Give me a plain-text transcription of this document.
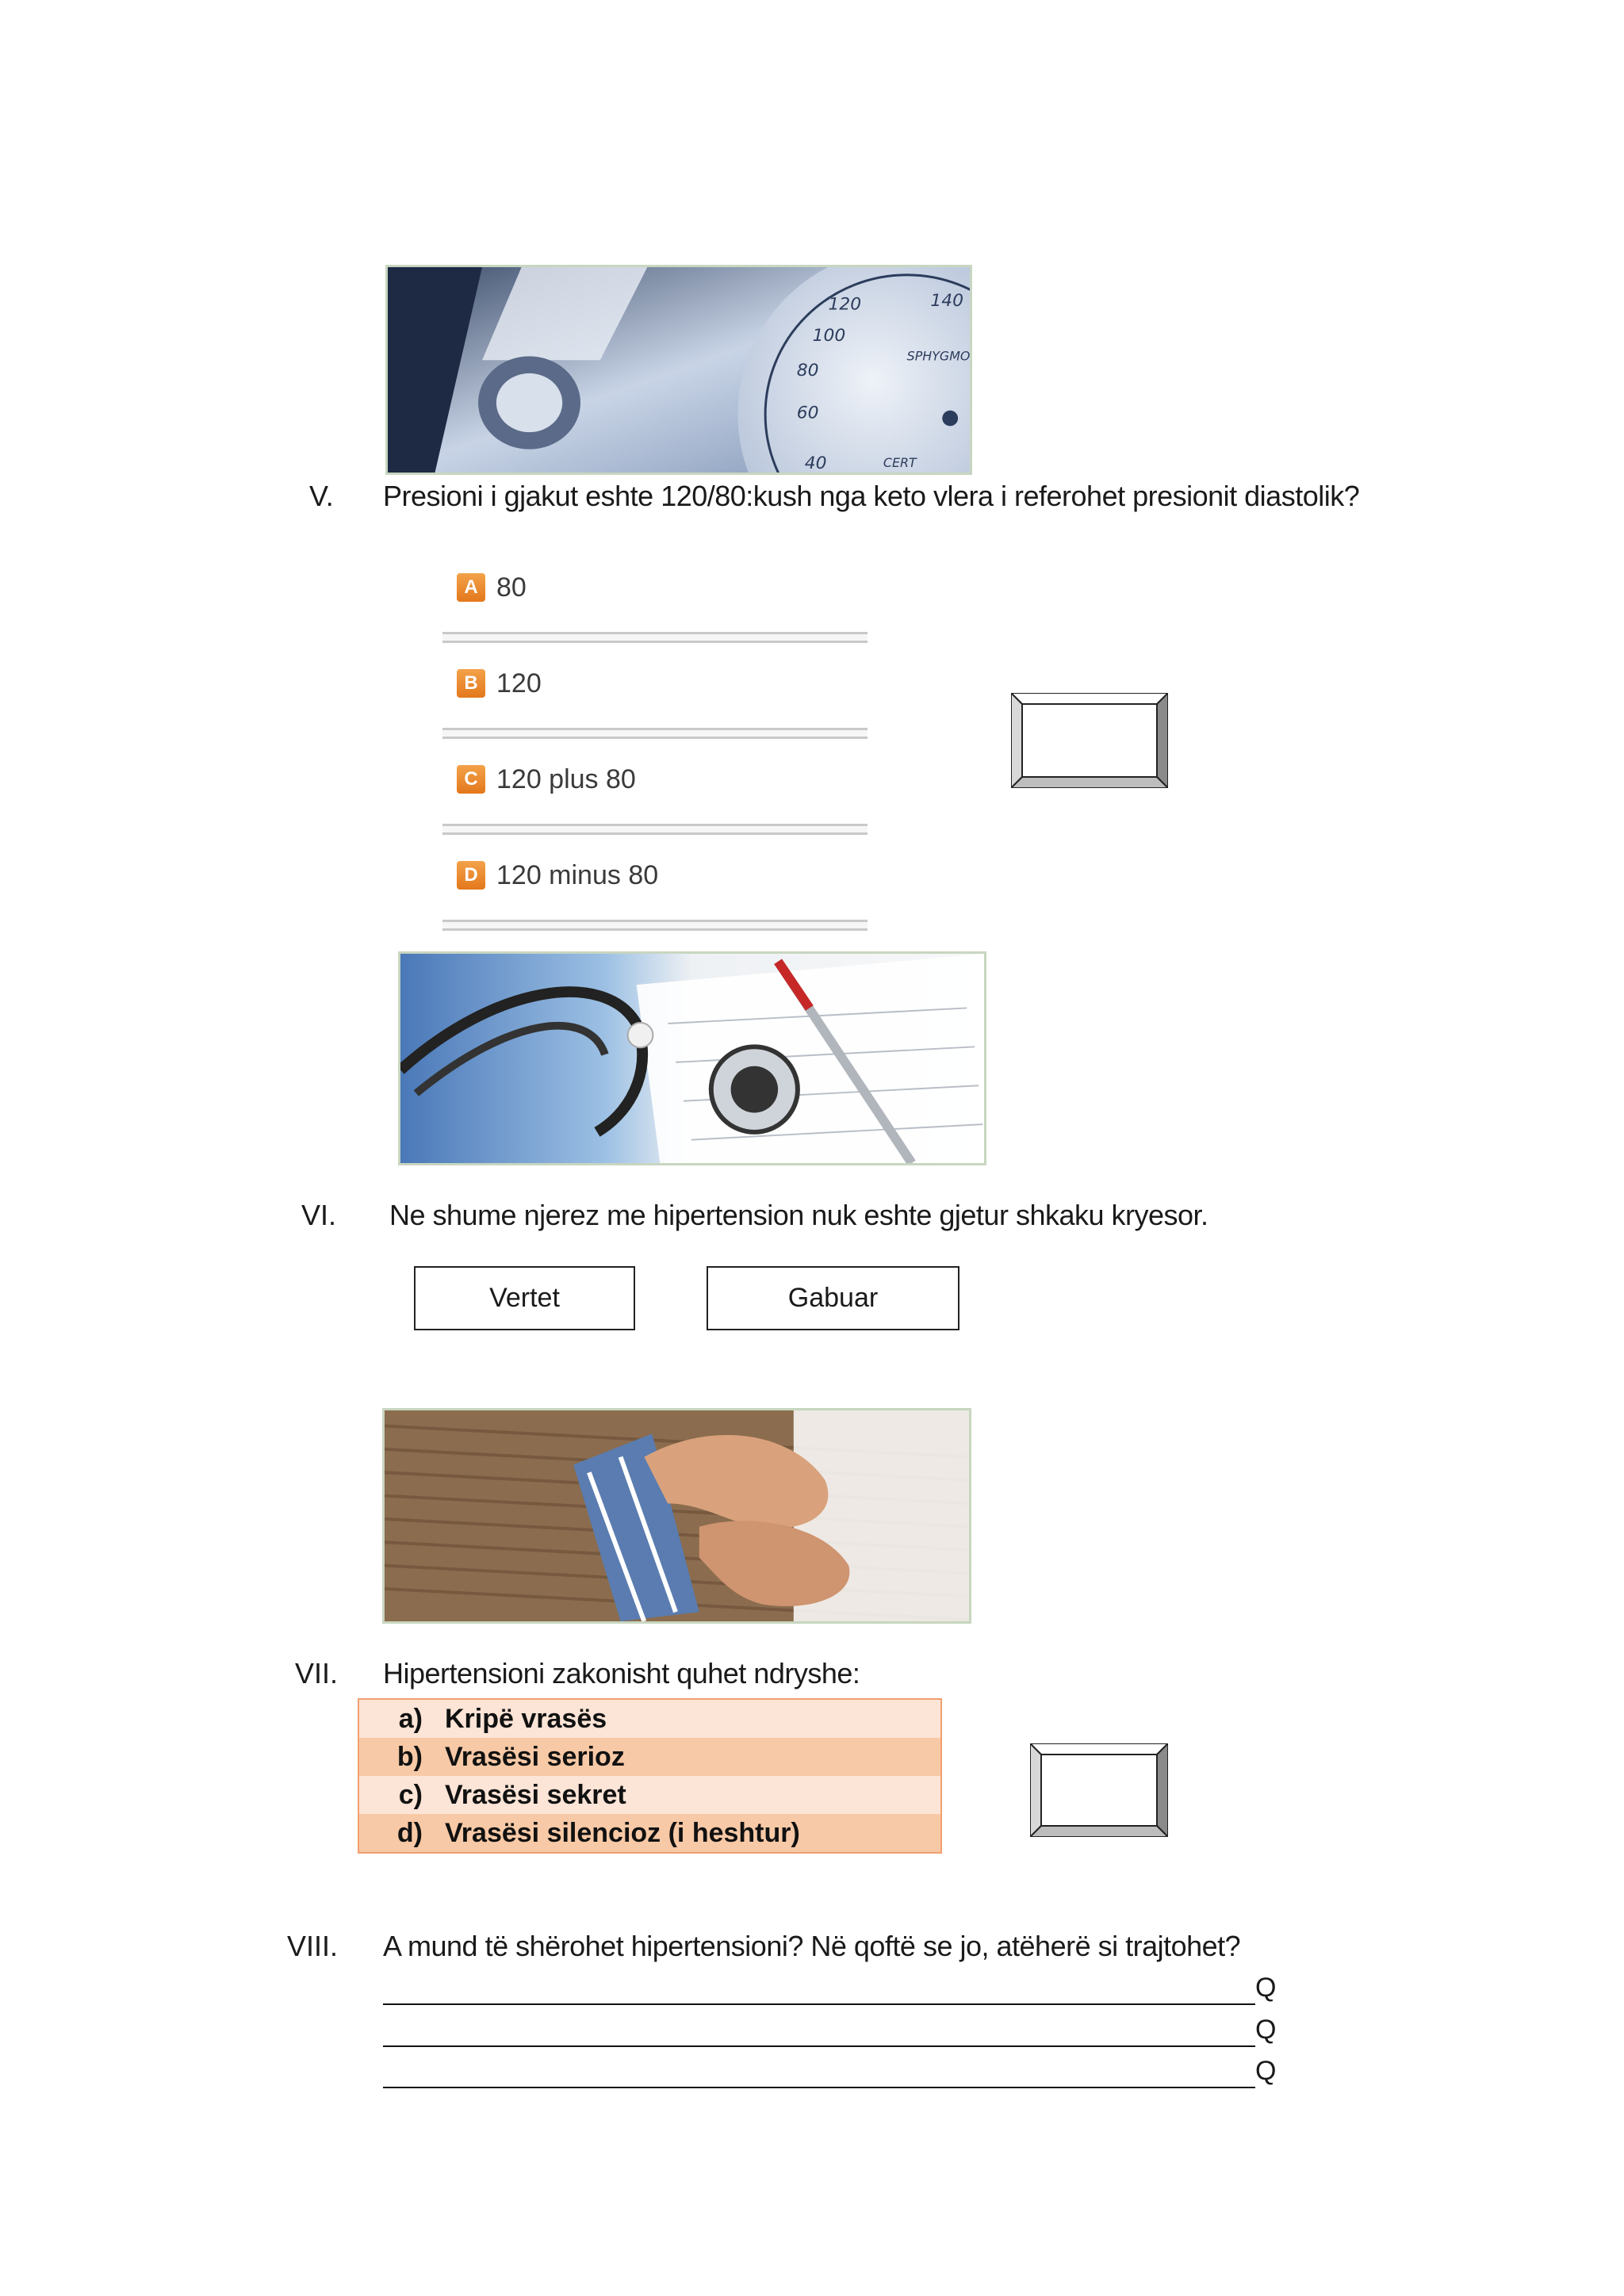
120	140
100
80
60
40
SPHYGMO
CERT
V. Presioni i gjakut eshte 120/80:kush nga keto vlera i referohet presionit diastolik?
A 80
B 120
C 120 plus 80
D 120 minus 80
VI. Ne shume njerez me hipertension nuk eshte gjetur shkaku kryesor.
Vertet	Gabuar
VII. Hipertensioni zakonisht quhet ndryshe:
a) Kripë vrasës
b) Vrasësi serioz
c) Vrasësi sekret
d) Vrasësi silencioz (i heshtur)
VIII. A mund të shërohet hipertensioni? Në qoftë se jo, atëherë si trajtohet?
Q
Q
Q
